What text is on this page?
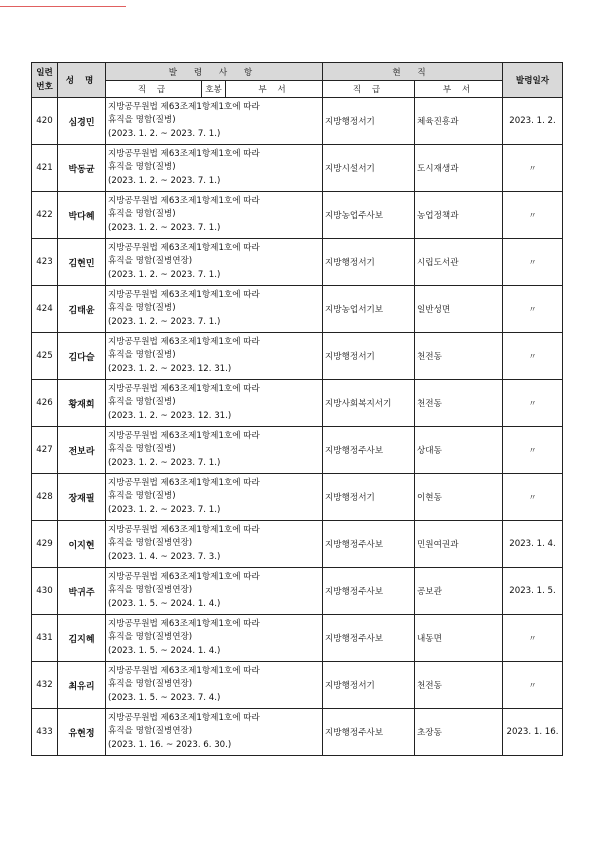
일련
번호	성 명	발 령 사 항			현 직		발령일자
		직 급	호봉	부 서	직 급	부 서	
420	심경민	지방공무원법 제63조제1항제1호에 따라
휴직을 명함(질병)
(2023. 1. 2. ~ 2023. 7. 1.)			지방행정서기	체육진흥과	2023. 1. 2.
421	박동균	지방공무원법 제63조제1항제1호에 따라
휴직을 명함(질병)
(2023. 1. 2. ~ 2023. 7. 1.)			지방시설서기	도시재생과	〃
422	박다혜	지방공무원법 제63조제1항제1호에 따라
휴직을 명함(질병)
(2023. 1. 2. ~ 2023. 7. 1.)			지방농업주사보	농업정책과	〃
423	김현민	지방공무원법 제63조제1항제1호에 따라
휴직을 명함(질병연장)
(2023. 1. 2. ~ 2023. 7. 1.)			지방행정서기	시립도서관	〃
424	김태윤	지방공무원법 제63조제1항제1호에 따라
휴직을 명함(질병)
(2023. 1. 2. ~ 2023. 7. 1.)			지방농업서기보	일반성면	〃
425	김다슬	지방공무원법 제63조제1항제1호에 따라
휴직을 명함(질병)
(2023. 1. 2. ~ 2023. 12. 31.)			지방행정서기	천전동	〃
426	황재희	지방공무원법 제63조제1항제1호에 따라
휴직을 명함(질병)
(2023. 1. 2. ~ 2023. 12. 31.)			지방사회복지서기	천전동	〃
427	전보라	지방공무원법 제63조제1항제1호에 따라
휴직을 명함(질병)
(2023. 1. 2. ~ 2023. 7. 1.)			지방행정주사보	상대동	〃
428	장재필	지방공무원법 제63조제1항제1호에 따라
휴직을 명함(질병)
(2023. 1. 2. ~ 2023. 7. 1.)			지방행정서기	이현동	〃
429	이지현	지방공무원법 제63조제1항제1호에 따라
휴직을 명함(질병연장)
(2023. 1. 4. ~ 2023. 7. 3.)			지방행정주사보	민원여권과	2023. 1. 4.
430	박귀주	지방공무원법 제63조제1항제1호에 따라
휴직을 명함(질병연장)
(2023. 1. 5. ~ 2024. 1. 4.)			지방행정주사보	공보관	2023. 1. 5.
431	김지혜	지방공무원법 제63조제1항제1호에 따라
휴직을 명함(질병연장)
(2023. 1. 5. ~ 2024. 1. 4.)			지방행정주사보	내동면	〃
432	최유리	지방공무원법 제63조제1항제1호에 따라
휴직을 명함(질병연장)
(2023. 1. 5. ~ 2023. 7. 4.)			지방행정서기	천전동	〃
433	유현정	지방공무원법 제63조제1항제1호에 따라
휴직을 명함(질병연장)
(2023. 1. 16. ~ 2023. 6. 30.)			지방행정주사보	초장동	2023. 1. 16.
